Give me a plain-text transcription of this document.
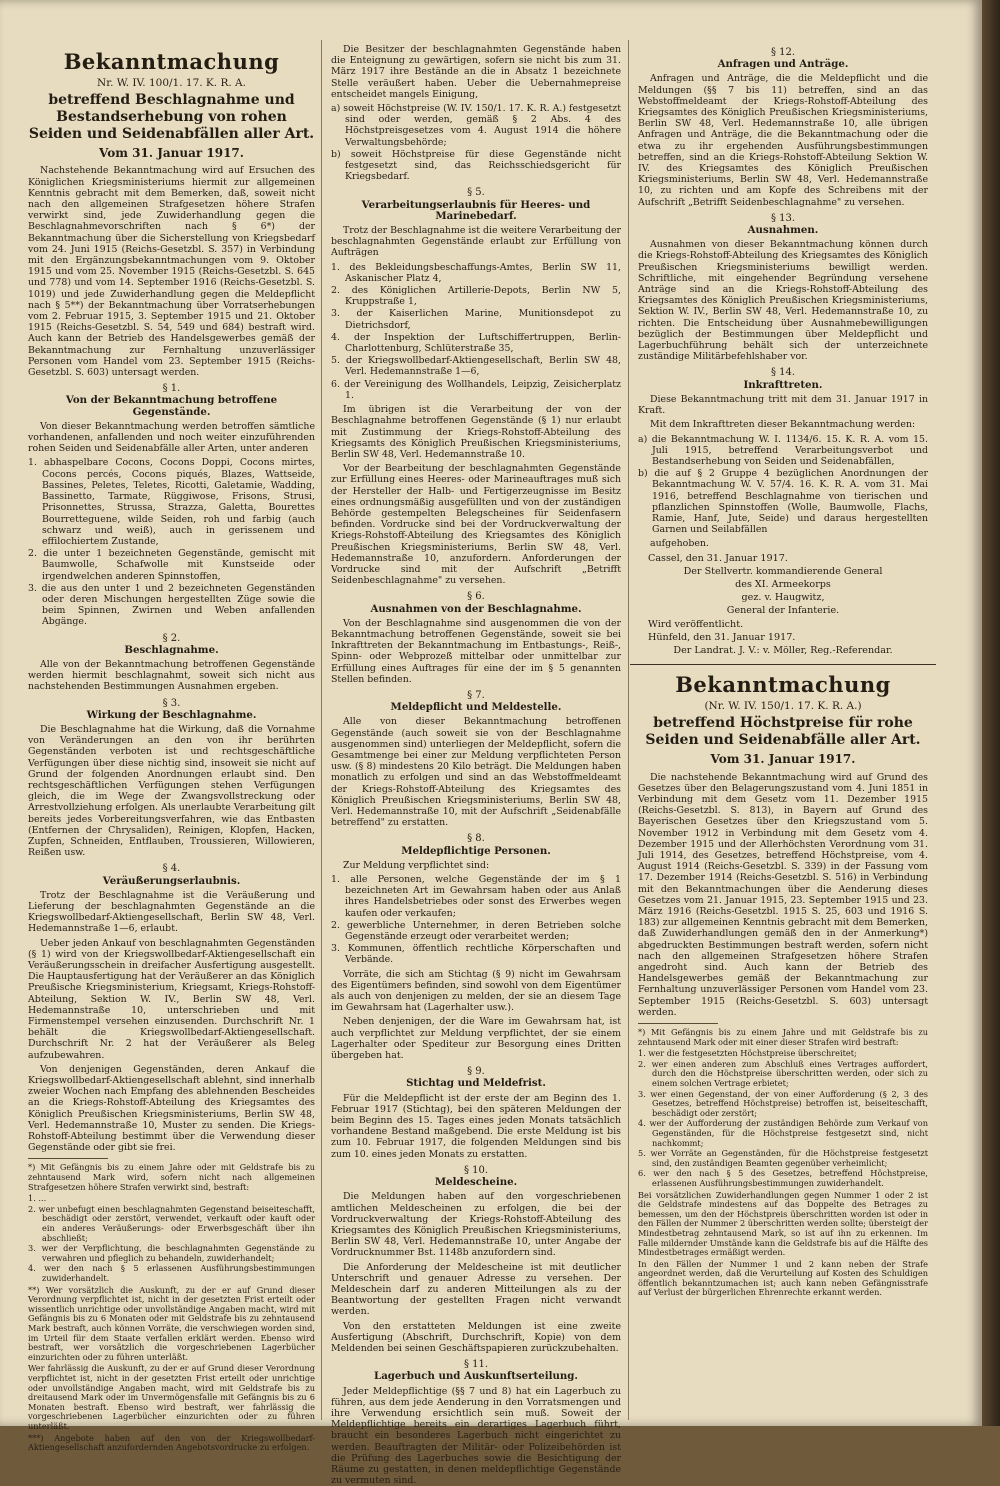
Bekanntmachung
Nr. W. IV. 100/1. 17. K. R. A.
betreffend Beschlagnahme und Bestandserhebung von rohen Seiden und Seidenabfällen aller Art.
Vom 31. Januar 1917.

Nachstehende Bekanntmachung wird auf Ersuchen des Königlichen Kriegsministeriums hiermit zur allgemeinen Kenntnis gebracht mit dem Bemerken, daß, soweit nicht nach den allgemeinen Strafgesetzen höhere Strafen verwirkt sind, jede Zuwiderhandlung gegen die Beschlagnahmevorschriften nach § 6*) der Bekanntmachung über die Sicherstellung von Kriegsbedarf vom 24. Juni 1915 (Reichs-Gesetzbl. S. 357) in Verbindung mit den Ergänzungsbekanntmachungen vom 9. Oktober 1915 und vom 25. November 1915 (Reichs-Gesetzbl. S. 645 und 778) und vom 14. September 1916 (Reichs-Gesetzbl. S. 1019) und jede Zuwiderhandlung gegen die Meldepflicht nach § 5**) der Bekanntmachung über Vorratserhebungen vom 2. Februar 1915, 3. September 1915 und 21. Oktober 1915 (Reichs-Gesetzbl. S. 54, 549 und 684) bestraft wird. Auch kann der Betrieb des Handelsgewerbes gemäß der Bekanntmachung zur Fernhaltung unzuverlässiger Personen vom Handel vom 23. September 1915 (Reichs-Gesetzbl. S. 603) untersagt werden.

§ 1.
Von der Bekanntmachung betroffene Gegenstände.

Von dieser Bekanntmachung werden betroffen sämtliche vorhandenen, anfallenden und noch weiter einzuführenden rohen Seiden und Seidenabfälle aller Arten, unter anderen

1. abhaspelbare Cocons, Cocons Doppi, Cocons mirtes, Cocons percés, Cocons piqués, Blazes, Wattseide, Bassines, Peletes, Teletes, Ricotti, Galetamie, Wadding, Bassinetto, Tarmate, Rüggiwose, Frisons, Strusi, Prisonnettes, Strussa, Strazza, Galetta, Bourettes Bourretteguene, wilde Seiden, roh und farbig (auch schwarz und weiß), auch in gerissenem und effilochiertem Zustande,
2. die unter 1 bezeichneten Gegenstände, gemischt mit Baumwolle, Schafwolle mit Kunstseide oder irgendwelchen anderen Spinnstoffen,
3. die aus den unter 1 und 2 bezeichneten Gegenständen oder deren Mischungen hergestellten Züge sowie die beim Spinnen, Zwirnen und Weben anfallenden Abgänge.
§ 2.
Beschlagnahme.

Alle von der Bekanntmachung betroffenen Gegenstände werden hiermit beschlagnahmt, soweit sich nicht aus nachstehenden Bestimmungen Ausnahmen ergeben.

§ 3.
Wirkung der Beschlagnahme.

Die Beschlagnahme hat die Wirkung, daß die Vornahme von Veränderungen an den von ihr berührten Gegenständen verboten ist und rechtsgeschäftliche Verfügungen über diese nichtig sind, insoweit sie nicht auf Grund der folgenden Anordnungen erlaubt sind. Den rechtsgeschäftlichen Verfügungen stehen Verfügungen gleich, die im Wege der Zwangsvollstreckung oder Arrestvollziehung erfolgen. Als unerlaubte Verarbeitung gilt bereits jedes Vorbereitungsverfahren, wie das Entbasten (Entfernen der Chrysaliden), Reinigen, Klopfen, Hacken, Zupfen, Schneiden, Entflauben, Troussieren, Willowieren, Reißen usw.

§ 4.
Veräußerungserlaubnis.

Trotz der Beschlagnahme ist die Veräußerung und Lieferung der beschlagnahmten Gegenstände an die Kriegswollbedarf-Aktiengesellschaft, Berlin SW 48, Verl. Hedemannstraße 1—6, erlaubt.

Ueber jeden Ankauf von beschlagnahmten Gegenständen (§ 1) wird von der Kriegswollbedarf-Aktiengesellschaft ein Veräußerungsschein in dreifacher Ausfertigung ausgestellt. Die Hauptausfertigung hat der Veräußerer an das Königlich Preußische Kriegsministerium, Kriegsamt, Kriegs-Rohstoff-Abteilung, Sektion W. IV., Berlin SW 48, Verl. Hedemannstraße 10, unterschrieben und mit Firmenstempel versehen einzusenden. Durchschrift Nr. 1 behält die Kriegswollbedarf-Aktiengesellschaft. Durchschrift Nr. 2 hat der Veräußerer als Beleg aufzubewahren.

Von denjenigen Gegenständen, deren Ankauf die Kriegswollbedarf-Aktiengesellschaft ablehnt, sind innerhalb zweier Wochen nach Empfang des ablehnenden Bescheides an die Kriegs-Rohstoff-Abteilung des Kriegsamtes des Königlich Preußischen Kriegsministeriums, Berlin SW 48, Verl. Hedemannstraße 10, Muster zu senden. Die Kriegs-Rohstoff-Abteilung bestimmt über die Verwendung dieser Gegenstände oder gibt sie frei.

*) Mit Gefängnis bis zu einem Jahre oder mit Geldstrafe bis zu zehntausend Mark wird, sofern nicht nach allgemeinen Strafgesetzen höhere Strafen verwirkt sind, bestraft:

1. ...
2. wer unbefugt einen beschlagnahmten Gegenstand beiseiteschafft, beschädigt oder zerstört, verwendet, verkauft oder kauft oder ein anderes Veräußerungs- oder Erwerbsgeschäft über ihn abschließt;
3. wer der Verpflichtung, die beschlagnahmten Gegenstände zu verwahren und pfleglich zu behandeln, zuwiderhandelt;
4. wer den nach § 5 erlassenen Ausführungsbestimmungen zuwiderhandelt.

**) Wer vorsätzlich die Auskunft, zu der er auf Grund dieser Verordnung verpflichtet ist, nicht in der gesetzten Frist erteilt oder wissentlich unrichtige oder unvollständige Angaben macht, wird mit Gefängnis bis zu 6 Monaten oder mit Geldstrafe bis zu zehntausend Mark bestraft, auch können Vorräte, die verschwiegen worden sind, im Urteil für dem Staate verfallen erklärt werden. Ebenso wird bestraft, wer vorsätzlich die vorgeschriebenen Lagerbücher einzurichten oder zu führen unterläßt.

Wer fahrlässig die Auskunft, zu der er auf Grund dieser Verordnung verpflichtet ist, nicht in der gesetzten Frist erteilt oder unrichtige oder unvollständige Angaben macht, wird mit Geldstrafe bis zu dreitausend Mark oder im Unvermögensfalle mit Gefängnis bis zu 6 Monaten bestraft. Ebenso wird bestraft, wer fahrlässig die vorgeschriebenen Lagerbücher einzurichten oder zu führen unterläßt.

***) Angebote haben auf den von der Kriegswollbedarf-Aktiengesellschaft anzufordernden Angebotsvordrucke zu erfolgen.

Die Besitzer der beschlagnahmten Gegenstände haben die Enteignung zu gewärtigen, sofern sie nicht bis zum 31. März 1917 ihre Bestände an die in Absatz 1 bezeichnete Stelle veräußert haben. Ueber die Uebernahmepreise entscheidet mangels Einigung,

a) soweit Höchstpreise (W. IV. 150/1. 17. K. R. A.) festgesetzt sind oder werden, gemäß § 2 Abs. 4 des Höchstpreisgesetzes vom 4. August 1914 die höhere Verwaltungsbehörde;
b) soweit Höchstpreise für diese Gegenstände nicht festgesetzt sind, das Reichsschiedsgericht für Kriegsbedarf.
§ 5.
Verarbeitungserlaubnis für Heeres- und Marinebedarf.

Trotz der Beschlagnahme ist die weitere Verarbeitung der beschlagnahmten Gegenstände erlaubt zur Erfüllung von Aufträgen

1. des Bekleidungsbeschaffungs-Amtes, Berlin SW 11, Askanischer Platz 4,
2. des Königlichen Artillerie-Depots, Berlin NW 5, Kruppstraße 1,
3. der Kaiserlichen Marine, Munitionsdepot zu Dietrichsdorf,
4. der Inspektion der Luftschiffertruppen, Berlin-Charlottenburg, Schlüterstraße 35,
5. der Kriegswollbedarf-Aktiengesellschaft, Berlin SW 48, Verl. Hedemannstraße 1—6,
6. der Vereinigung des Wollhandels, Leipzig, Zeisicherplatz 1.

Im übrigen ist die Verarbeitung der von der Beschlagnahme betroffenen Gegenstände (§ 1) nur erlaubt mit Zustimmung der Kriegs-Rohstoff-Abteilung des Kriegsamts des Königlich Preußischen Kriegsministeriums, Berlin SW 48, Verl. Hedemannstraße 10.

Vor der Bearbeitung der beschlagnahmten Gegenstände zur Erfüllung eines Heeres- oder Marineauftrages muß sich der Hersteller der Halb- und Fertigerzeugnisse im Besitz eines ordnungsmäßig ausgefüllten und von der zuständigen Behörde gestempelten Belegscheines für Seidenfasern befinden. Vordrucke sind bei der Vordruckverwaltung der Kriegs-Rohstoff-Abteilung des Kriegsamtes des Königlich Preußischen Kriegsministeriums, Berlin SW 48, Verl. Hedemannstraße 10, anzufordern. Anforderungen der Vordrucke sind mit der Aufschrift „Betrifft Seidenbeschlagnahme" zu versehen.

§ 6.
Ausnahmen von der Beschlagnahme.

Von der Beschlagnahme sind ausgenommen die von der Bekanntmachung betroffenen Gegenstände, soweit sie bei Inkrafttreten der Bekanntmachung im Entbastungs-, Reiß-, Spinn- oder Webprozeß mittelbar oder unmittelbar zur Erfüllung eines Auftrages für eine der im § 5 genannten Stellen befinden.

§ 7.
Meldepflicht und Meldestelle.

Alle von dieser Bekanntmachung betroffenen Gegenstände (auch soweit sie von der Beschlagnahme ausgenommen sind) unterliegen der Meldepflicht, sofern die Gesamtmenge bei einer zur Meldung verpflichteten Person usw. (§ 8) mindestens 20 Kilo beträgt. Die Meldungen haben monatlich zu erfolgen und sind an das Webstoffmeldeamt der Kriegs-Rohstoff-Abteilung des Kriegsamtes des Königlich Preußischen Kriegsministeriums, Berlin SW 48, Verl. Hedemannstraße 10, mit der Aufschrift „Seidenabfälle betreffend" zu erstatten.

§ 8.
Meldepflichtige Personen.

Zur Meldung verpflichtet sind:

1. alle Personen, welche Gegenstände der im § 1 bezeichneten Art im Gewahrsam haben oder aus Anlaß ihres Handelsbetriebes oder sonst des Erwerbes wegen kaufen oder verkaufen;
2. gewerbliche Unternehmer, in deren Betrieben solche Gegenstände erzeugt oder verarbeitet werden;
3. Kommunen, öffentlich rechtliche Körperschaften und Verbände.

Vorräte, die sich am Stichtag (§ 9) nicht im Gewahrsam des Eigentümers befinden, sind sowohl von dem Eigentümer als auch von denjenigen zu melden, der sie an diesem Tage im Gewahrsam hat (Lagerhalter usw.).

Neben denjenigen, der die Ware im Gewahrsam hat, ist auch verpflichtet zur Meldung verpflichtet, der sie einem Lagerhalter oder Spediteur zur Besorgung eines Dritten übergeben hat.

§ 9.
Stichtag und Meldefrist.

Für die Meldepflicht ist der erste der am Beginn des 1. Februar 1917 (Stichtag), bei den späteren Meldungen der beim Beginn des 15. Tages eines jeden Monats tatsächlich vorhandene Bestand maßgebend. Die erste Meldung ist bis zum 10. Februar 1917, die folgenden Meldungen sind bis zum 10. eines jeden Monats zu erstatten.

§ 10.
Meldescheine.

Die Meldungen haben auf den vorgeschriebenen amtlichen Meldescheinen zu erfolgen, die bei der Vordruckverwaltung der Kriegs-Rohstoff-Abteilung des Kriegsamtes des Königlich Preußischen Kriegsministeriums, Berlin SW 48, Verl. Hedemannstraße 10, unter Angabe der Vordrucknummer Bst. 1148b anzufordern sind.

Die Anforderung der Meldescheine ist mit deutlicher Unterschrift und genauer Adresse zu versehen. Der Meldeschein darf zu anderen Mitteilungen als zu der Beantwortung der gestellten Fragen nicht verwandt werden.

Von den erstatteten Meldungen ist eine zweite Ausfertigung (Abschrift, Durchschrift, Kopie) von dem Meldenden bei seinen Geschäftspapieren zurückzubehalten.

§ 11.
Lagerbuch und Auskunftserteilung.

Jeder Meldepflichtige (§§ 7 und 8) hat ein Lagerbuch zu führen, aus dem jede Aenderung in den Vorratsmengen und ihre Verwendung ersichtlich sein muß. Soweit der Meldepflichtige bereits ein derartiges Lagerbuch führt, braucht ein besonderes Lagerbuch nicht eingerichtet zu werden. Beauftragten der Militär- oder Polizeibehörden ist die Prüfung des Lagerbuches sowie die Besichtigung der Räume zu gestatten, in denen meldepflichtige Gegenstände zu vermuten sind.

§ 12.
Anfragen und Anträge.

Anfragen und Anträge, die die Meldepflicht und die Meldungen (§§ 7 bis 11) betreffen, sind an das Webstoffmeldeamt der Kriegs-Rohstoff-Abteilung des Kriegsamtes des Königlich Preußischen Kriegsministeriums, Berlin SW 48, Verl. Hedemannstraße 10, alle übrigen Anfragen und Anträge, die die Bekanntmachung oder die etwa zu ihr ergehenden Ausführungsbestimmungen betreffen, sind an die Kriegs-Rohstoff-Abteilung Sektion W. IV. des Kriegsamtes des Königlich Preußischen Kriegsministeriums, Berlin SW 48, Verl. Hedemannstraße 10, zu richten und am Kopfe des Schreibens mit der Aufschrift „Betrifft Seidenbeschlagnahme" zu versehen.

§ 13.
Ausnahmen.

Ausnahmen von dieser Bekanntmachung können durch die Kriegs-Rohstoff-Abteilung des Kriegsamtes des Königlich Preußischen Kriegsministeriums bewilligt werden. Schriftliche, mit eingehender Begründung versehene Anträge sind an die Kriegs-Rohstoff-Abteilung des Kriegsamtes des Königlich Preußischen Kriegsministeriums, Sektion W. IV., Berlin SW 48, Verl. Hedemannstraße 10, zu richten. Die Entscheidung über Ausnahmebewilligungen bezüglich der Bestimmungen über Meldepflicht und Lagerbuchführung behält sich der unterzeichnete zuständige Militärbefehlshaber vor.

§ 14.
Inkrafttreten.

Diese Bekanntmachung tritt mit dem 31. Januar 1917 in Kraft.

Mit dem Inkrafttreten dieser Bekanntmachung werden:

a) die Bekanntmachung W. I. 1134/6. 15. K. R. A. vom 15. Juli 1915, betreffend Verarbeitungsverbot und Bestandserhebung von Seiden und Seidenabfällen,
b) die auf § 2 Gruppe 4 bezüglichen Anordnungen der Bekanntmachung W. V. 57/4. 16. K. R. A. vom 31. Mai 1916, betreffend Beschlagnahme von tierischen und pflanzlichen Spinnstoffen (Wolle, Baumwolle, Flachs, Ramie, Hanf, Jute, Seide) und daraus hergestellten Garnen und Seilabfällen

aufgehoben.

Cassel, den 31. Januar 1917.
Der Stellvertr. kommandierende General
des XI. Armeekorps
gez. v. Haugwitz,
General der Infanterie.
Wird veröffentlicht.
Hünfeld, den 31. Januar 1917.
Der Landrat. J. V.: v. Möller, Reg.-Referendar.
Bekanntmachung
(Nr. W. IV. 150/1. 17. K. R. A.)
betreffend Höchstpreise für rohe Seiden und Seidenabfälle aller Art.
Vom 31. Januar 1917.

Die nachstehende Bekanntmachung wird auf Grund des Gesetzes über den Belagerungszustand vom 4. Juni 1851 in Verbindung mit dem Gesetz vom 11. Dezember 1915 (Reichs-Gesetzbl. S. 813), in Bayern auf Grund des Bayerischen Gesetzes über den Kriegszustand vom 5. November 1912 in Verbindung mit dem Gesetz vom 4. Dezember 1915 und der Allerhöchsten Verordnung vom 31. Juli 1914, des Gesetzes, betreffend Höchstpreise, vom 4. August 1914 (Reichs-Gesetzbl. S. 339) in der Fassung vom 17. Dezember 1914 (Reichs-Gesetzbl. S. 516) in Verbindung mit den Bekanntmachungen über die Aenderung dieses Gesetzes vom 21. Januar 1915, 23. September 1915 und 23. März 1916 (Reichs-Gesetzbl. 1915 S. 25, 603 und 1916 S. 183) zur allgemeinen Kenntnis gebracht mit dem Bemerken, daß Zuwiderhandlungen gemäß den in der Anmerkung*) abgedruckten Bestimmungen bestraft werden, sofern nicht nach den allgemeinen Strafgesetzen höhere Strafen angedroht sind. Auch kann der Betrieb des Handelsgewerbes gemäß der Bekanntmachung zur Fernhaltung unzuverlässiger Personen vom Handel vom 23. September 1915 (Reichs-Gesetzbl. S. 603) untersagt werden.

*) Mit Gefängnis bis zu einem Jahre und mit Geldstrafe bis zu zehntausend Mark oder mit einer dieser Strafen wird bestraft:

1. wer die festgesetzten Höchstpreise überschreitet;
2. wer einen anderen zum Abschluß eines Vertrages auffordert, durch den die Höchstpreise überschritten werden, oder sich zu einem solchen Vertrage erbietet;
3. wer einen Gegenstand, der von einer Aufforderung (§ 2, 3 des Gesetzes, betreffend Höchstpreise) betroffen ist, beiseiteschafft, beschädigt oder zerstört;
4. wer der Aufforderung der zuständigen Behörde zum Verkauf von Gegenständen, für die Höchstpreise festgesetzt sind, nicht nachkommt;
5. wer Vorräte an Gegenständen, für die Höchstpreise festgesetzt sind, den zuständigen Beamten gegenüber verheimlicht;
6. wer den nach § 5 des Gesetzes, betreffend Höchstpreise, erlassenen Ausführungsbestimmungen zuwiderhandelt.

Bei vorsätzlichen Zuwiderhandlungen gegen Nummer 1 oder 2 ist die Geldstrafe mindestens auf das Doppelte des Betrages zu bemessen, um den der Höchstpreis überschritten worden ist oder in den Fällen der Nummer 2 überschritten werden sollte; übersteigt der Mindestbetrag zehntausend Mark, so ist auf ihn zu erkennen. Im Falle mildernder Umstände kann die Geldstrafe bis auf die Hälfte des Mindestbetrages ermäßigt werden.

In den Fällen der Nummer 1 und 2 kann neben der Strafe angeordnet werden, daß die Verurteilung auf Kosten des Schuldigen öffentlich bekanntzumachen ist; auch kann neben Gefängnisstrafe auf Verlust der bürgerlichen Ehrenrechte erkannt werden.
